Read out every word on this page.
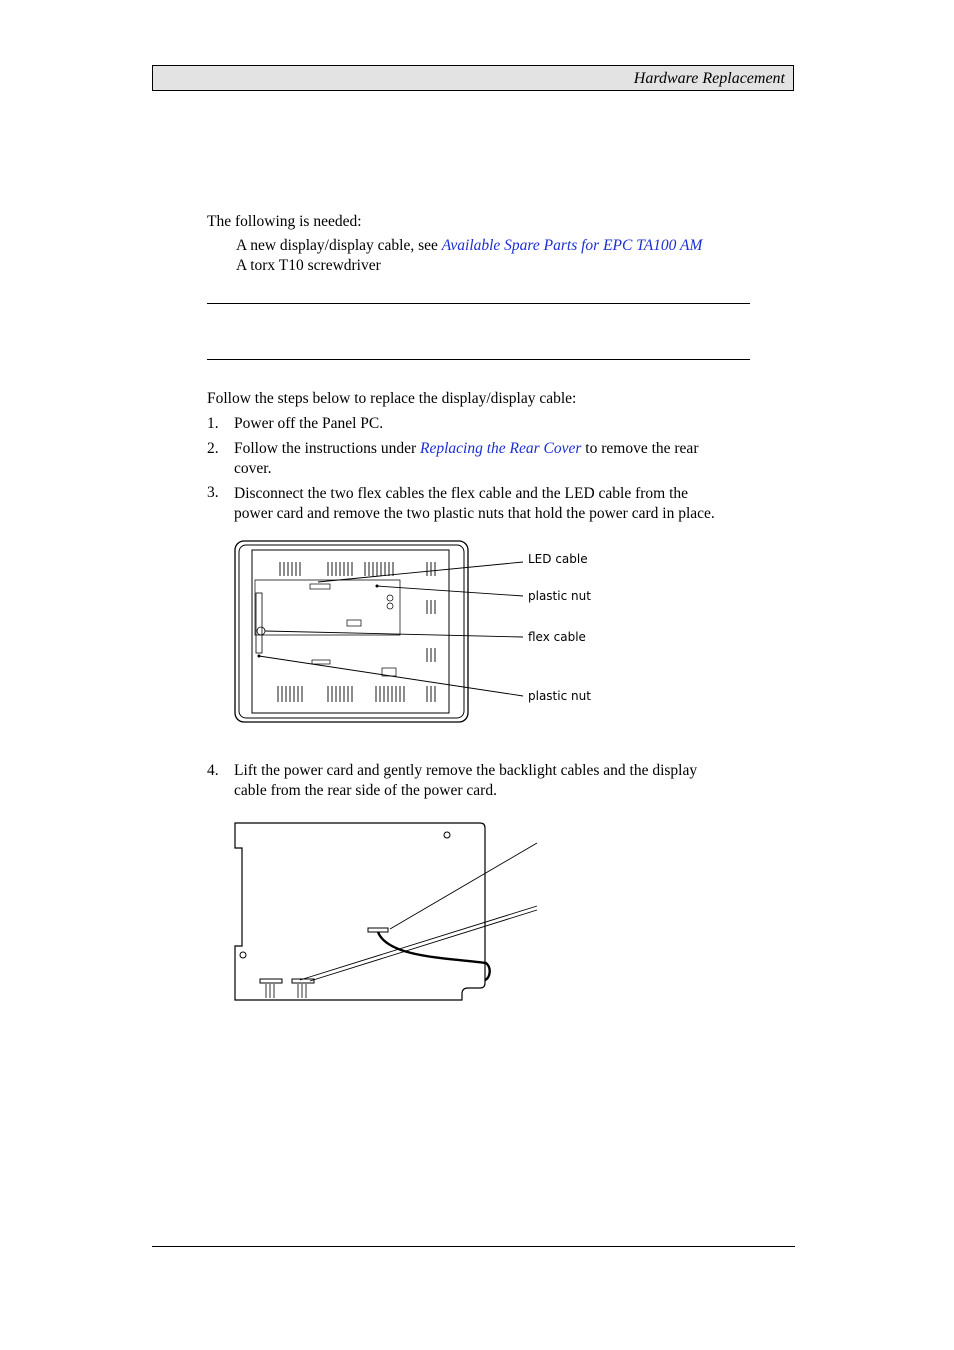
Hardware Replacement
The following is needed:
A new display/display cable, see Available Spare Parts for EPC TA100 AM
A torx T10 screwdriver
Follow the steps below to replace the display/display cable:
1. Power off the Panel PC.
2. Follow the instructions under Replacing the Rear Cover to remove the rear
cover.
3. Disconnect the two flex cables the flex cable and the LED cable from the
power card and remove the two plastic nuts that hold the power card in place.
LED cable
plastic nut
flex cable
plastic nut
4. Lift the power card and gently remove the backlight cables and the display
cable from the rear side of the power card.
